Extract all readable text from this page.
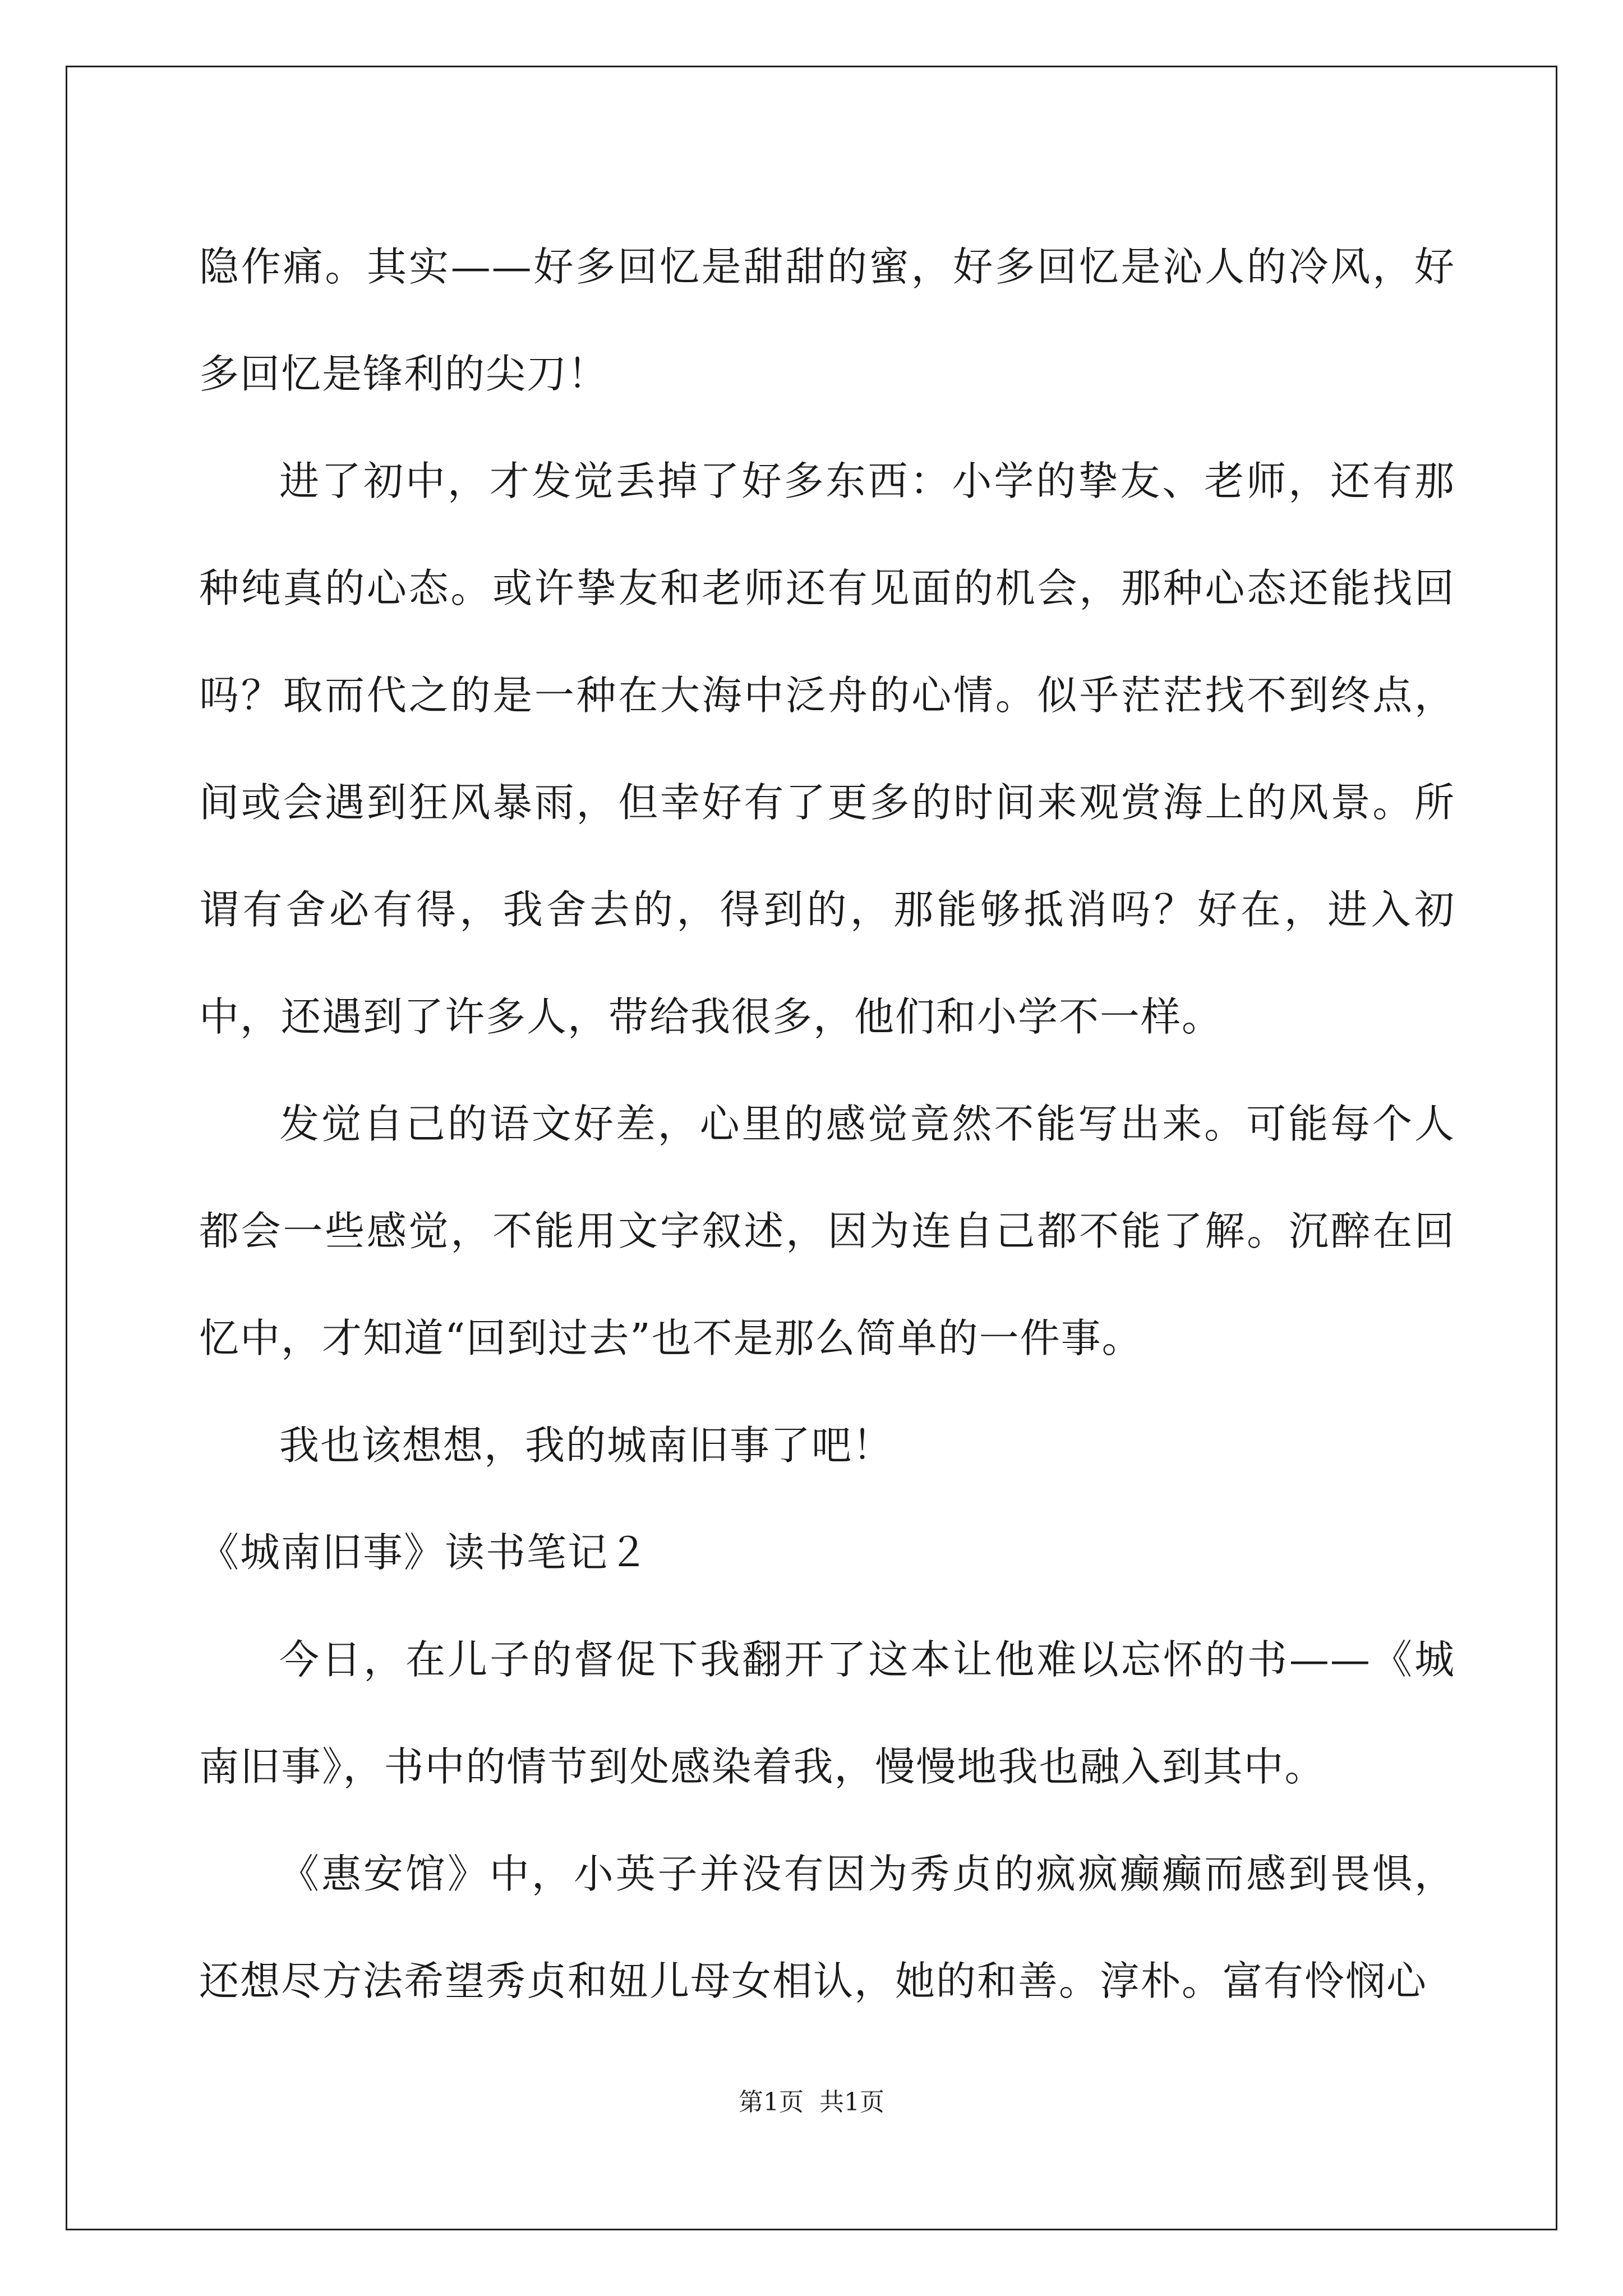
隐作痛。其实——好多回忆是甜甜的蜜，好多回忆是沁人的冷风，好多回忆是锋利的尖刀！

进了初中，才发觉丢掉了好多东西：小学的挚友、老师，还有那种纯真的心态。或许挚友和老师还有见面的机会，那种心态还能找回吗？取而代之的是一种在大海中泛舟的心情。似乎茫茫找不到终点，间或会遇到狂风暴雨，但幸好有了更多的时间来观赏海上的风景。所谓有舍必有得，我舍去的，得到的，那能够抵消吗？好在，进入初中，还遇到了许多人，带给我很多，他们和小学不一样。

发觉自己的语文好差，心里的感觉竟然不能写出来。可能每个人都会一些感觉，不能用文字叙述，因为连自己都不能了解。沉醉在回忆中，才知道“回到过去”也不是那么简单的一件事。

我也该想想，我的城南旧事了吧！

《城南旧事》读书笔记２

今日，在儿子的督促下我翻开了这本让他难以忘怀的书——《城南旧事》，书中的情节到处感染着我，慢慢地我也融入到其中。

《惠安馆》中，小英子并没有因为秀贞的疯疯癫癫而感到畏惧，还想尽方法希望秀贞和妞儿母女相认，她的和善。淳朴。富有怜悯心

第1页 共1页
